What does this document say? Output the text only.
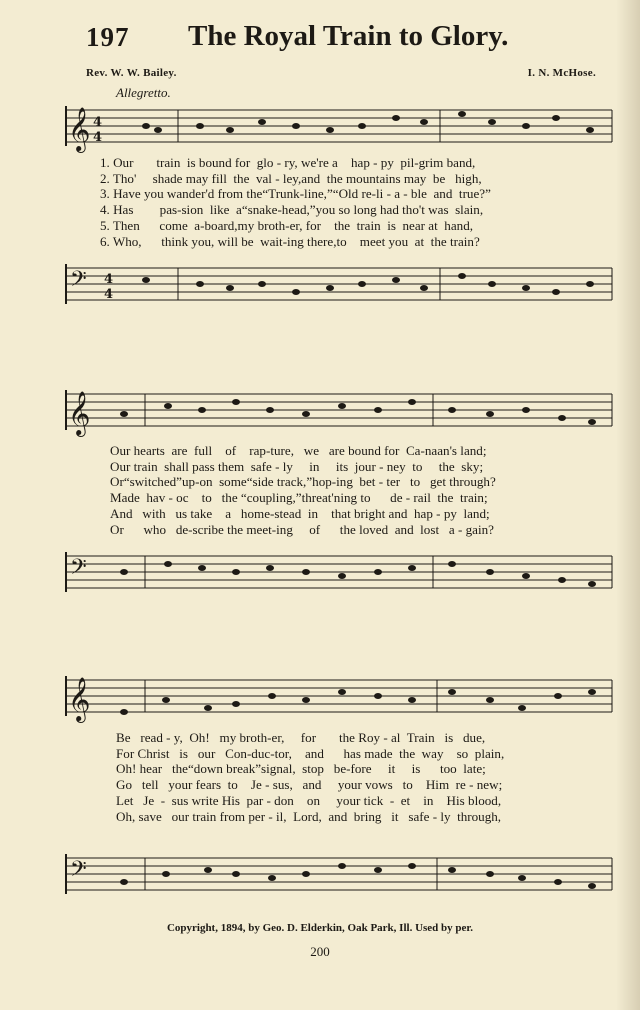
197 The Royal Train to Glory.
Rev. W. W. Bailey.	I. N. McHose.
Allegretto.
𝄞 4
4
1. Our       train  is bound for  glo - ry, we're a    hap - py  pil-grim band,
2. Tho'     shade may fill  the  val - ley,and  the mountains may  be   high,
3. Have you wander'd from the“Trunk-line,”“Old re-li - a - ble  and  true?”
4. Has        pas-sion  like  a“snake-head,”you so long had tho't was  slain,
5. Then      come  a-board,my broth-er, for    the  train  is  near at  hand,
6. Who,      think you, will be  wait-ing there,to    meet you  at  the train?
𝄢 4
4
𝄞
Our hearts  are  full    of    rap-ture,   we   are bound for  Ca-naan's land;
Our train  shall pass them  safe - ly     in     its  jour - ney  to     the  sky;
Or“switched”up-on  some“side track,”hop-ing  bet - ter   to   get through?
Made  hav - oc    to   the “coupling,”threat'ning to      de - rail  the  train;
And   with   us take    a   home-stead  in    that bright and  hap - py  land;
Or      who   de-scribe the meet-ing     of      the loved  and  lost   a - gain?
𝄢
𝄞
Be   read - y,  Oh!   my broth-er,     for       the Roy - al  Train   is   due,
For Christ   is   our   Con-duc-tor,    and      has made  the  way    so  plain,
Oh! hear   the“down break”signal,  stop   be-fore     it     is      too  late;
Go   tell   your fears  to    Je - sus,   and     your vows   to    Him  re - new;
Let   Je  -  sus write His  par - don    on     your tick  -  et    in    His blood,
Oh, save   our train from per - il,  Lord,  and  bring   it   safe - ly  through,
𝄢
Copyright, 1894, by Geo. D. Elderkin, Oak Park, Ill. Used by per.
200
